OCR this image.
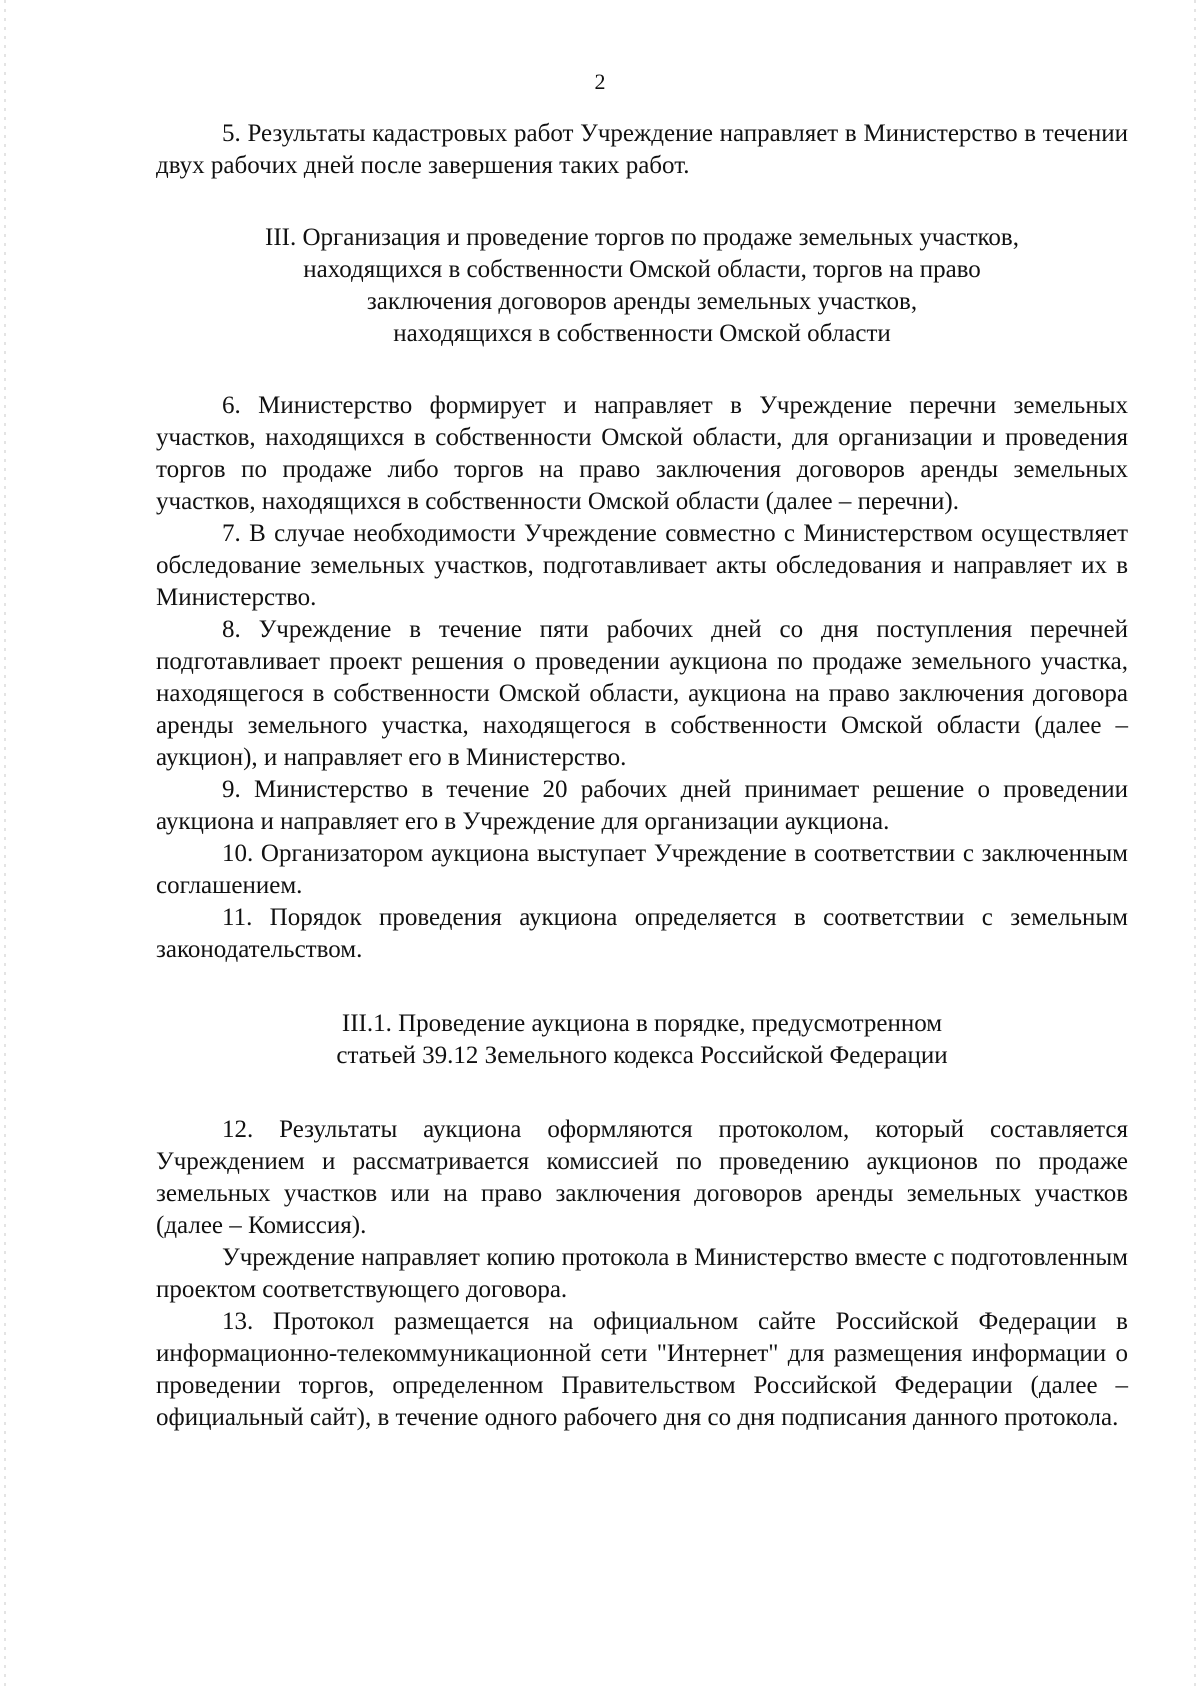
2

5. Результаты кадастровых работ Учреждение направляет в Министерство в течении двух рабочих дней после завершения таких работ.

III. Организация и проведение торгов по продаже земельных участков,
находящихся в собственности Омской области, торгов на право
заключения договоров аренды земельных участков,
находящихся в собственности Омской области

6. Министерство формирует и направляет в Учреждение перечни земельных участков, находящихся в собственности Омской области, для организации и проведения торгов по продаже либо торгов на право заключения договоров аренды земельных участков, находящихся в собственности Омской области (далее – перечни).

7. В случае необходимости Учреждение совместно с Министерством осуществляет обследование земельных участков, подготавливает акты обследования и направляет их в Министерство.

8. Учреждение в течение пяти рабочих дней со дня поступления перечней подготавливает проект решения о проведении аукциона по продаже земельного участка, находящегося в собственности Омской области, аукциона на право заключения договора аренды земельного участка, находящегося в собственности Омской области (далее – аукцион), и направляет его в Министерство.

9. Министерство в течение 20 рабочих дней принимает решение о проведении аукциона и направляет его в Учреждение для организации аукциона.

10. Организатором аукциона выступает Учреждение в соответствии с заключенным соглашением.

11. Порядок проведения аукциона определяется в соответствии с земельным законодательством.

III.1. Проведение аукциона в порядке, предусмотренном
статьей 39.12 Земельного кодекса Российской Федерации

12. Результаты аукциона оформляются протоколом, который составляется Учреждением и рассматривается комиссией по проведению аукционов по продаже земельных участков или на право заключения договоров аренды земельных участков (далее – Комиссия).

Учреждение направляет копию протокола в Министерство вместе с подготовленным проектом соответствующего договора.

13. Протокол размещается на официальном сайте Российской Федерации в информационно-телекоммуникационной сети "Интернет" для размещения информации о проведении торгов, определенном Правительством Российской Федерации (далее – официальный сайт), в течение одного рабочего дня со дня подписания данного протокола.
